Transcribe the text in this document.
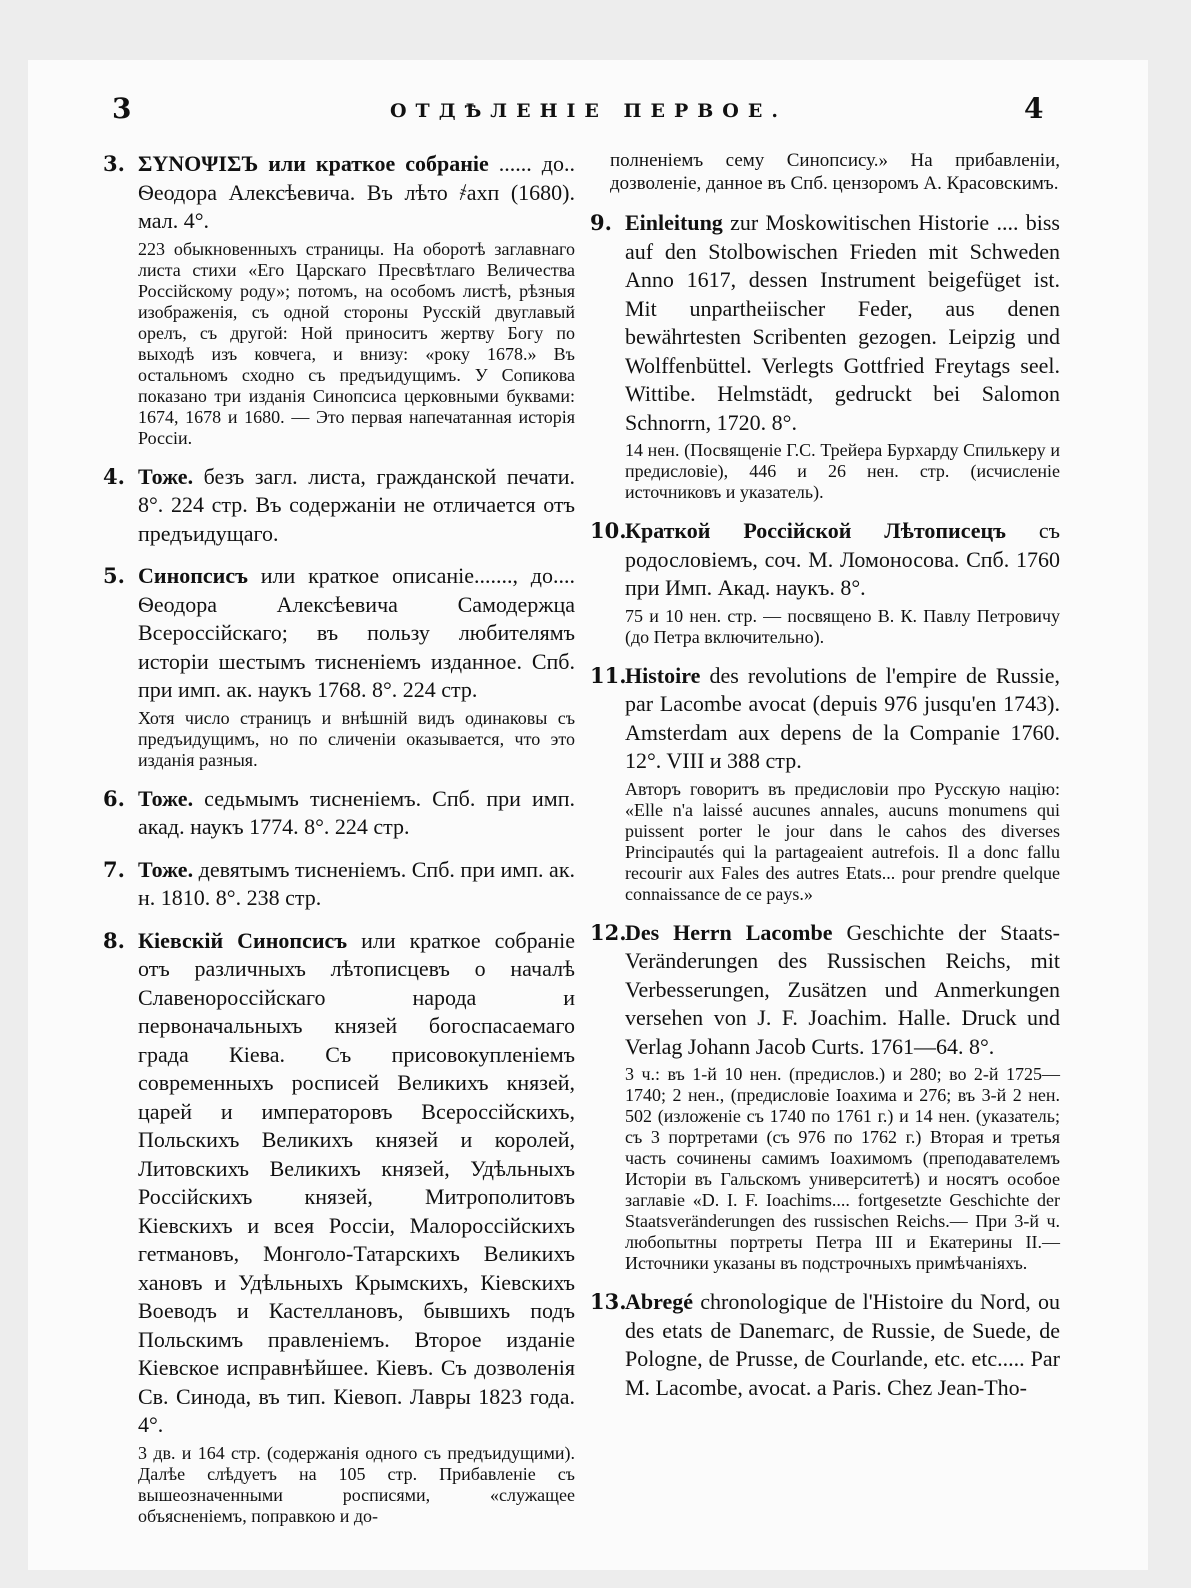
3	ОТДѢЛЕНІЕ ПЕРВОЕ.	4
3. ΣΥΝΟΨΙΣЪ или краткое собраніе ...... до.. Ѳеодора Алексѣевича. Въ лѣто ҂ахп (1680). мал. 4°.
223 обыкновенныхъ страницы. На оборотѣ заглавнаго листа стихи «Его Царскаго Пресвѣтлаго Величества Россійскому роду»; потомъ, на особомъ листѣ, рѣзныя изображенія, съ одной стороны Русскій двуглавый орелъ, съ другой: Ной приноситъ жертву Богу по выходѣ изъ ковчега, и внизу: «року 1678.» Въ остальномъ сходно съ предъидущимъ. У Сопикова показано три изданія Синопсиса церковными буквами: 1674, 1678 и 1680. — Это первая напечатанная исторія Россіи.
4. Тоже. безъ загл. листа, гражданской печати. 8°. 224 стр. Въ содержаніи не отличается отъ предъидущаго.
5. Синопсисъ или краткое описаніе......., до.... Ѳеодора Алексѣевича Самодержца Всероссійскаго; въ пользу любителямъ исторіи шестымъ тисненіемъ изданное. Спб. при имп. ак. наукъ 1768. 8°. 224 стр.
Хотя число страницъ и внѣшній видъ одинаковы съ предъидущимъ, но по сличеніи оказывается, что это изданія разныя.
6. Тоже. седьмымъ тисненіемъ. Спб. при имп. акад. наукъ 1774. 8°. 224 стр.
7. Тоже. девятымъ тисненіемъ. Спб. при имп. ак. н. 1810. 8°. 238 стр.
8. Кіевскій Синопсисъ или краткое собраніе отъ различныхъ лѣтописцевъ о началѣ Славенороссійскаго народа и первоначальныхъ князей богоспасаемаго града Кіева. Съ присовокупленіемъ современныхъ росписей Великихъ князей, царей и императоровъ Всероссійскихъ, Польскихъ Великихъ князей и королей, Литовскихъ Великихъ князей, Удѣльныхъ Россійскихъ князей, Митрополитовъ Кіевскихъ и всея Россіи, Малороссійскихъ гетмановъ, Монголо-Татарскихъ Великихъ хановъ и Удѣльныхъ Крымскихъ, Кіевскихъ Воеводъ и Кастеллановъ, бывшихъ подъ Польскимъ правленіемъ. Второе изданіе Кіевское исправнѣйшее. Кіевъ. Съ дозволенія Св. Синода, въ тип. Кіевоп. Лавры 1823 года. 4°.
3 дв. и 164 стр. (содержанія одного съ предъидущими). Далѣе слѣдуетъ на 105 стр. Прибавленіе съ вышеозначенными росписями, «служащее объясненіемъ, поправкою и до-
полненіемъ сему Синопсису.» На прибавленіи, дозволеніе, данное въ Спб. цензоромъ А. Красовскимъ.
9. Einleitung zur Moskowitischen Historie .... biss auf den Stolbowischen Frieden mit Schweden Anno 1617, dessen Instrument beigefüget ist. Mit unpartheiischer Feder, aus denen bewährtesten Scribenten gezogen. Leipzig und Wolffenbüttel. Verlegts Gottfried Freytags seel. Wittibe. Helmstädt, gedruckt bei Salomon Schnorrn, 1720. 8°.
14 нен. (Посвященіе Г.С. Трейера Бурхарду Спилькеру и предисловіе), 446 и 26 нен. стр. (исчисленіе источниковъ и указатель).
10.
Краткой Россійской Лѣтописецъ съ родословіемъ, соч. М. Ломоносова. Спб. 1760 при Имп. Акад. наукъ. 8°.
75 и 10 нен. стр. — посвящено В. К. Павлу Петровичу (до Петра включительно).
11.
Histoire des revolutions de l'empire de Russie, par Lacombe avocat (depuis 976 jusqu'en 1743). Amsterdam aux depens de la Companie 1760. 12°. VIII и 388 стр.
Авторъ говоритъ въ предисловіи про Русскую націю: «Elle n'a laissé aucunes annales, aucuns monumens qui puissent porter le jour dans le cahos des diverses Principautés qui la partageaient autrefois. Il a donc fallu recourir aux Fales des autres Etats... pour prendre quelque connaissance de ce pays.»
12.
Des Herrn Lacombe Geschichte der Staats-Veränderungen des Russischen Reichs, mit Verbesserungen, Zusätzen und Anmerkungen versehen von J. F. Joachim. Halle. Druck und Verlag Johann Jacob Curts. 1761—64. 8°.
3 ч.: въ 1-й 10 нен. (предислов.) и 280; во 2-й 1725—1740; 2 нен., (предисловіе Іоахима и 276; въ 3-й 2 нен. 502 (изложеніе съ 1740 по 1761 г.) и 14 нен. (указатель; съ 3 портретами (съ 976 по 1762 г.) Вторая и третья часть сочинены самимъ Іоахимомъ (преподавателемъ Исторіи въ Гальскомъ университетѣ) и носятъ особое заглавіе «D. I. F. Ioachims.... fortgesetzte Geschichte der Staatsveränderungen des russischen Reichs.— При 3-й ч. любопытны портреты Петра III и Екатерины II.—Источники указаны въ подстрочныхъ примѣчаніяхъ.
13.
Abregé chronologique de l'Histoire du Nord, ou des etats de Danemarc, de Russie, de Suede, de Pologne, de Prusse, de Courlande, etc. etc..... Par M. Lacombe, avocat. a Paris. Chez Jean-Tho-
